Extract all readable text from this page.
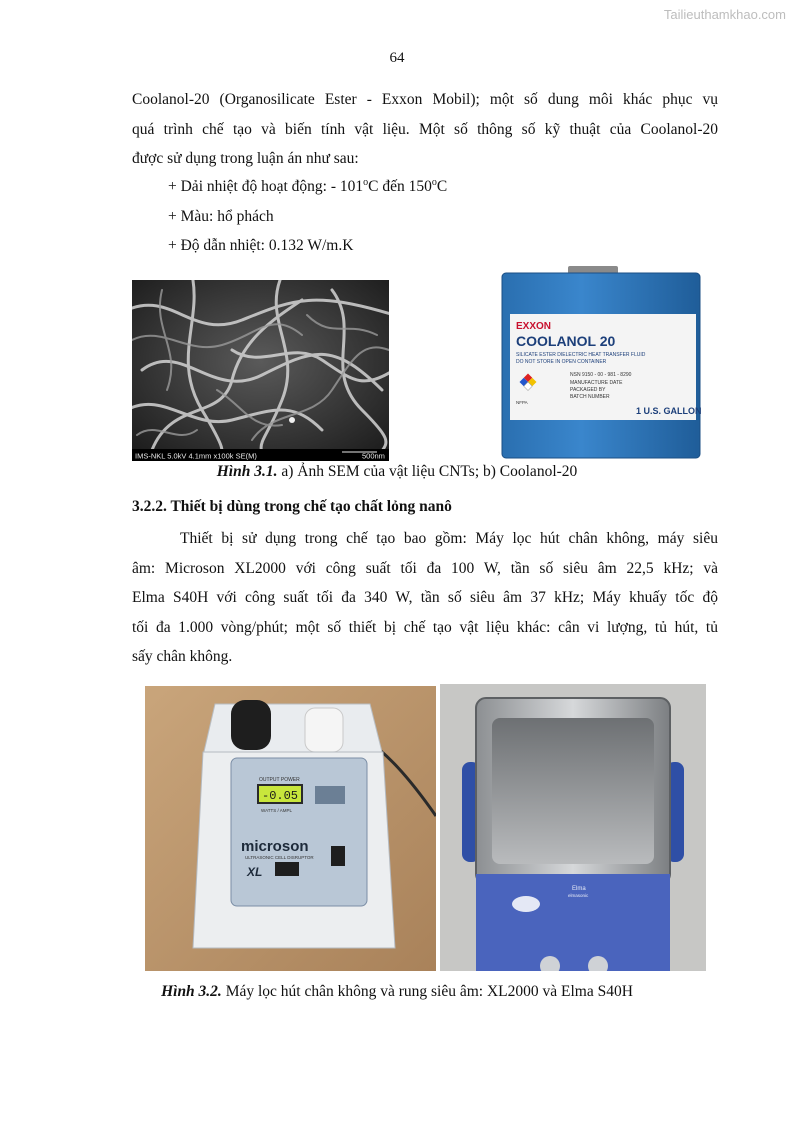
Tailieuthamkhao.com
64
Coolanol-20 (Organosilicate Ester - Exxon Mobil); một số dung môi khác phục vụ
quá trình chế tạo và biến tính vật liệu. Một số thông số kỹ thuật của Coolanol-20
được sử dụng trong luận án như sau:
+ Dải nhiệt độ hoạt động: - 101$^o$C đến $150^oC$
+ Màu: hổ phách
+ Độ dẫn nhiệt: 0.132 W/m.K
IMS-NKL 5.0kV 4.1mm x100k SE(M)	500nm
EXXON
COOLANOL 20
SILICATE ESTER DIELECTRIC HEAT TRANSFER FLUID
DO NOT STORE IN OPEN CONTAINER
NFPA
NSN 9150 - 00 - 981 - 8290
MANUFACTURE DATE
PACKAGED BY
BATCH NUMBER
1 U.S. GALLON
Hình 3.1. a) Ảnh SEM của vật liệu CNTs; b) Coolanol-20
3.2.2. Thiết bị dùng trong chế tạo chất lỏng nanô
Thiết bị sử dụng trong chế tạo bao gồm: Máy lọc hút chân không, máy siêu
âm: Microson XL2000 với công suất tối đa 100 W, tần số siêu âm 22,5 kHz; và
Elma S40H với công suất tối đa 340 W, tần số siêu âm 37 kHz; Máy khuấy tốc độ
tối đa 1.000 vòng/phút; một số thiết bị chế tạo vật liệu khác: cân vi lượng, tủ hút, tủ
sấy chân không.
OUTPUT POWER
-0.05
WATTS / AMPL
microson
ULTRASONIC CELL DISRUPTOR
XL
Elma
elmasonic
Hình 3.2. Máy lọc hút chân không và rung siêu âm: XL2000 và Elma S40H
